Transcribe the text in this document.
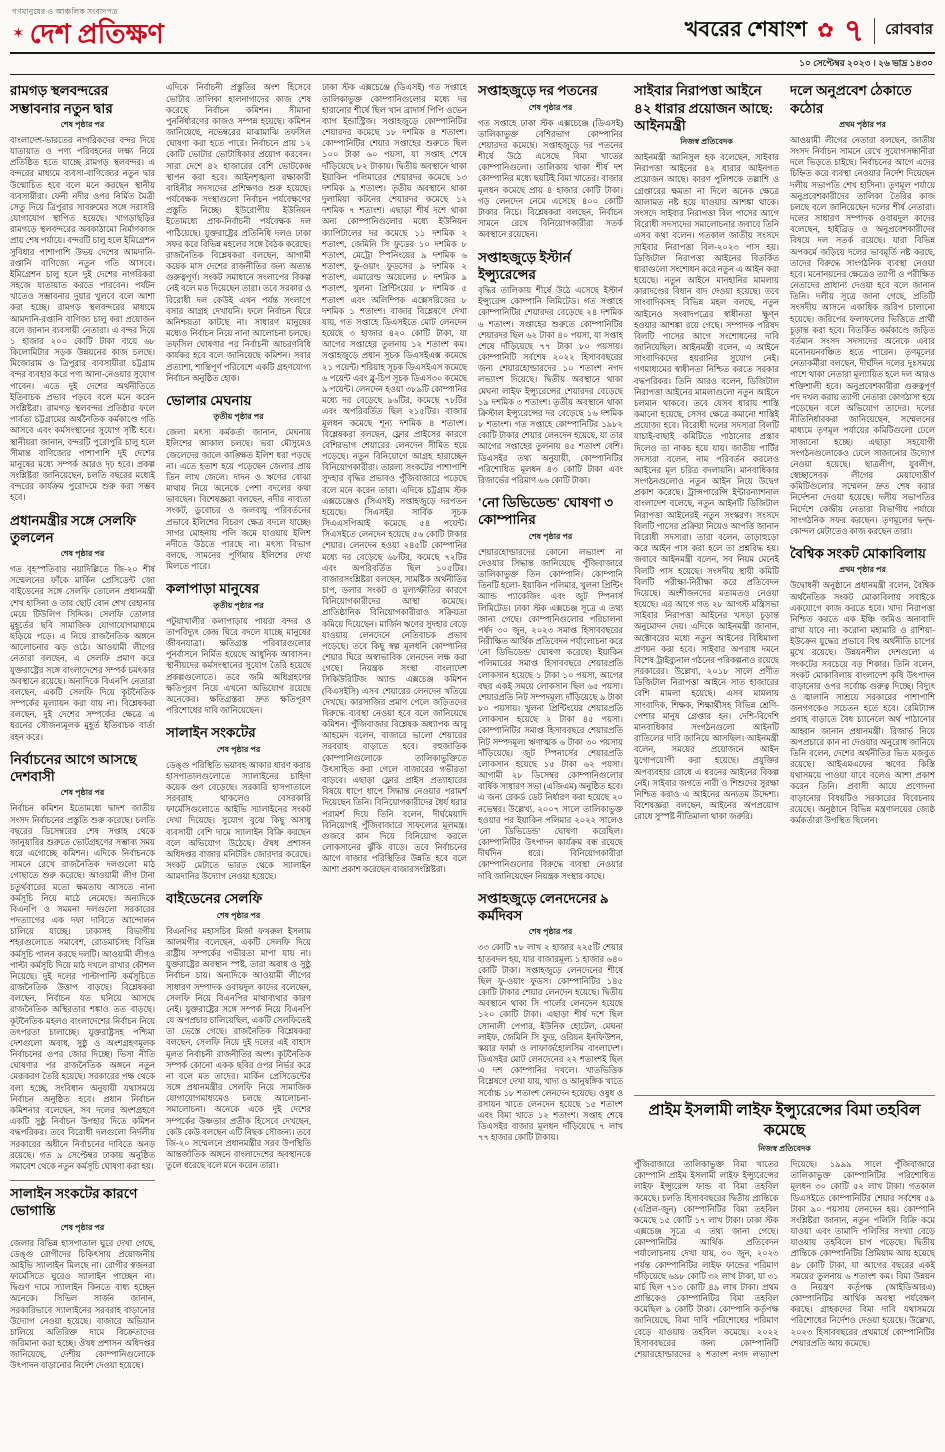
গণমানুষের ও আঞ্চলিক সংবাদপত্র
✶ দেশ প্রতিক্ষণ	খবরের শেষাংশ ✿ ৭ রোববার
১০ সেপ্টেম্বর ২০২৩ । ২৬ ভাদ্র ১৪৩০
রামগড় স্থলবন্দরের সম্ভাবনার নতুন দ্বার
শেষ পৃষ্ঠার পর

বাংলাদেশ-ভারতের নাগরিকদের বন্দর দিয়ে যাতায়াত ও পণ্য পরিবহনের লক্ষ্য নিয়ে প্রতিষ্ঠিত হতে যাচ্ছে রামগড় স্থলবন্দর। এ বন্দরের মাধ্যমে ব্যবসা-বাণিজ্যের নতুন দ্বার উন্মোচিত হবে বলে মনে করছেন স্থানীয় ব্যবসায়ীরা। ফেনী নদীর ওপর নির্মিত মৈত্রী সেতু দিয়ে ত্রিপুরার সাবরুমের সঙ্গে সরাসরি যোগাযোগ স্থাপিত হয়েছে। খাগড়াছড়ির রামগড়ে স্থলবন্দরের অবকাঠামো নির্মাণকাজ প্রায় শেষ পর্যায়ে। বন্দরটি চালু হলে ইমিগ্রেশন সুবিধার পাশাপাশি উভয় দেশের আমদানি-রপ্তানি বাণিজ্যে নতুন গতি আসবে। ইমিগ্রেশন চালু হলে দুই দেশের নাগরিকরা সহজে যাতায়াত করতে পারবেন। পর্যটন খাতেও সম্ভাবনার দুয়ার খুলবে বলে আশা করা হচ্ছে। রামগড় স্থলবন্দরের মাধ্যমে আমদানি-রপ্তানি বাণিজ্য চালু করা প্রয়োজন বলে জানান ব্যবসায়ী নেতারা। এ বন্দর দিয়ে ১ হাজার ২০০ কোটি টাকা ব্যয়ে ৬৮ কিলোমিটার সড়ক উন্নয়নের কাজ চলছে। মিজোরাম ও ত্রিপুরার ব্যবসায়ীরা চট্টগ্রাম বন্দর ব্যবহার করে পণ্য আনা-নেওয়ার সুযোগ পাবেন। এতে দুই দেশের অর্থনীতিতে ইতিবাচক প্রভাব পড়বে বলে মনে করেন সংশ্লিষ্টরা। রামগড় স্থলবন্দর প্রতিষ্ঠার ফলে পার্বত্য চট্টগ্রামের অর্থনৈতিক কর্মকাণ্ডে গতি আসবে এবং কর্মসংস্থানের সুযোগ সৃষ্টি হবে। স্থানীয়রা জানান, বন্দরটি পুরোপুরি চালু হলে সীমান্ত বাণিজ্যের পাশাপাশি দুই দেশের মানুষের মধ্যে সম্পর্ক আরও দৃঢ় হবে। প্রকল্প সংশ্লিষ্টরা জানিয়েছেন, চলতি বছরের মধ্যেই বন্দরের কার্যক্রম পুরোদমে শুরু করা সম্ভব হবে।

প্রধানমন্ত্রীর সঙ্গে সেলফি তুললেন
শেষ পৃষ্ঠার পর

গত বৃহস্পতিবার নয়াদিল্লিতে জি-২০ শীর্ষ সম্মেলনের ফাঁকে মার্কিন প্রেসিডেন্ট জো বাইডেনের সঙ্গে সেলফি তোলেন প্রধানমন্ত্রী শেখ হাসিনা ও তার ছোট বোন শেখ রেহানার মেয়ে টিউলিপ সিদ্দিক। সেলফি তোলার মুহূর্তের ছবি সামাজিক যোগাযোগমাধ্যমে ছড়িয়ে পড়ে। এ নিয়ে রাজনৈতিক অঙ্গনে আলোচনার ঝড় ওঠে। আওয়ামী লীগের নেতারা বলছেন, এ সেলফি প্রমাণ করে যুক্তরাষ্ট্রের সঙ্গে বাংলাদেশের সম্পর্ক চমৎকার অবস্থানে রয়েছে। অন্যদিকে বিএনপি নেতারা বলছেন, একটি সেলফি দিয়ে কূটনৈতিক সম্পর্কের মূল্যায়ন করা যায় না। বিশ্লেষকরা বলছেন, দুই দেশের সম্পর্কের ক্ষেত্রে এ ধরনের সৌজন্যমূলক মুহূর্ত ইতিবাচক বার্তা বহন করে।

নির্বাচনের আগে আসছে দেশবাসী
শেষ পৃষ্ঠার পর

নির্বাচন কমিশন ইতোমধ্যে দ্বাদশ জাতীয় সংসদ নির্বাচনের প্রস্তুতি শুরু করেছে। চলতি বছরের ডিসেম্বরের শেষ সপ্তাহ থেকে জানুয়ারির শুরুতে ভোটগ্রহণের সম্ভাব্য সময় ধরে এগোচ্ছে কমিশন। এদিকে নির্বাচনকে সামনে রেখে রাজনৈতিক দলগুলো মাঠ গোছাতে শুরু করেছে। আওয়ামী লীগ টানা চতুর্থবারের মতো ক্ষমতায় আসতে নানা কর্মসূচি নিয়ে মাঠে নেমেছে। অন্যদিকে বিএনপি ও সমমনা দলগুলো সরকারের পদত্যাগের এক দফা দাবিতে আন্দোলন চালিয়ে যাচ্ছে। ঢাকাসহ বিভাগীয় শহরগুলোতে সমাবেশ, রোডমার্চসহ বিভিন্ন কর্মসূচি পালন করছে দলটি। আওয়ামী লীগও পাল্টা কর্মসূচি দিয়ে মাঠ দখলে রাখার কৌশল নিয়েছে। দুই দলের পাল্টাপাল্টি কর্মসূচিতে রাজনৈতিক উত্তাপ বাড়ছে। বিশ্লেষকরা বলছেন, নির্বাচন যত ঘনিয়ে আসছে রাজনৈতিক অস্থিরতার শঙ্কাও তত বাড়ছে। কূটনৈতিক মহলও বাংলাদেশের নির্বাচন নিয়ে তৎপরতা চালাচ্ছে। যুক্তরাষ্ট্রসহ পশ্চিমা দেশগুলো অবাধ, সুষ্ঠু ও অংশগ্রহণমূলক নির্বাচনের ওপর জোর দিচ্ছে। ভিসা নীতি ঘোষণার পর রাজনৈতিক অঙ্গনে নতুন মেরূকরণ তৈরি হয়েছে। সরকারের পক্ষ থেকে বলা হচ্ছে, সংবিধান অনুযায়ী যথাসময়ে নির্বাচন অনুষ্ঠিত হবে। প্রধান নির্বাচন কমিশনার বলেছেন, সব দলের অংশগ্রহণে একটি সুষ্ঠু নির্বাচন উপহার দিতে কমিশন বদ্ধপরিকর। তবে বিরোধী দলগুলো নির্দলীয় সরকারের অধীনে নির্বাচনের দাবিতে অনড় রয়েছে। গত ৯ সেপ্টেম্বর ঢাকায় অনুষ্ঠিত সমাবেশ থেকে নতুন কর্মসূচি ঘোষণা করা হয়।

সালাইন সংকটের কারণে ভোগান্তি
শেষ পৃষ্ঠার পর

জেলার বিভিন্ন হাসপাতাল ঘুরে দেখা গেছে, ডেঙ্গু রোগীদের চিকিৎসায় প্রয়োজনীয় আইভি স্যালাইন মিলছে না। রোগীর স্বজনরা ফার্মেসিতে ঘুরেও স্যালাইন পাচ্ছেন না। দ্বিগুণ দামে স্যালাইন কিনতে বাধ্য হচ্ছেন অনেকে। সিভিল সার্জন জানান, সরকারিভাবে স্যালাইনের সরবরাহ বাড়ানোর উদ্যোগ নেওয়া হয়েছে। বাজারে অভিযান চালিয়ে অতিরিক্ত দামে বিক্রেতাদের জরিমানা করা হচ্ছে। ঔষধ প্রশাসন অধিদপ্তর জানিয়েছে, দেশীয় কোম্পানিগুলোকে উৎপাদন বাড়ানোর নির্দেশ দেওয়া হয়েছে।

এদিকে নির্বাচনী প্রস্তুতির অংশ হিসেবে ভোটার তালিকা হালনাগাদের কাজ শেষ করেছে নির্বাচন কমিশন। সীমানা পুনর্নির্ধারণের কাজও সম্পন্ন হয়েছে। কমিশন জানিয়েছে, নভেম্বরের মাঝামাঝি তফসিল ঘোষণা করা হতে পারে। নির্বাচনে প্রায় ১২ কোটি ভোটার ভোটাধিকার প্রয়োগ করবেন। সারা দেশে ৪২ হাজারের বেশি ভোটকেন্দ্র স্থাপন করা হবে। আইনশৃঙ্খলা রক্ষাকারী বাহিনীর সদস্যদের প্রশিক্ষণও শুরু হয়েছে। পর্যবেক্ষক সংস্থাগুলো নির্বাচন পর্যবেক্ষণের প্রস্তুতি নিচ্ছে। ইউরোপীয় ইউনিয়ন ইতোমধ্যে প্রাক-নির্বাচনী পর্যবেক্ষক দল পাঠিয়েছে। যুক্তরাষ্ট্রের প্রতিনিধি দলও ঢাকা সফর করে বিভিন্ন মহলের সঙ্গে বৈঠক করেছে। রাজনৈতিক বিশ্লেষকরা বলছেন, আগামী কয়েক মাস দেশের রাজনীতির জন্য অত্যন্ত গুরুত্বপূর্ণ। সংকট সমাধানে সংলাপের বিকল্প নেই বলে মত দিয়েছেন তারা। তবে সরকার ও বিরোধী দল কেউই এখন পর্যন্ত সংলাপে বসার আগ্রহ দেখায়নি। ফলে নির্বাচন ঘিরে অনিশ্চয়তা কাটছে না। সাধারণ মানুষের মধ্যেও নির্বাচন নিয়ে নানা আলোচনা চলছে। তফসিল ঘোষণার পর নির্বাচনী আচরণবিধি কার্যকর হবে বলে জানিয়েছে কমিশন। সবার প্রত্যাশা, শান্তিপূর্ণ পরিবেশে একটি গ্রহণযোগ্য নির্বাচন অনুষ্ঠিত হোক।

ভোলার মেঘনায়
তৃতীয় পৃষ্ঠার পর

জেলা মৎস্য কর্মকর্তা জানান, মেঘনায় ইলিশের আকাল চলছে। ভরা মৌসুমেও জেলেদের জালে কাঙ্ক্ষিত ইলিশ ধরা পড়ছে না। এতে হতাশ হয়ে পড়েছেন জেলার প্রায় তিন লাখ জেলে। দাদন ও ঋণের বোঝা মাথায় নিয়ে অনেকে পেশা বদলের কথা ভাবছেন। বিশেষজ্ঞরা বলছেন, নদীর নাব্যতা সংকট, ডুবোচর ও জলবায়ু পরিবর্তনের প্রভাবে ইলিশের বিচরণ ক্ষেত্র বদলে যাচ্ছে। সাগর মোহনায় পলি জমে যাওয়ায় ইলিশ নদীতে উঠতে পারছে না। মৎস্য বিভাগ বলছে, সামনের পূর্ণিমায় ইলিশের দেখা মিলতে পারে।

কলাপাড়া মানুষের
তৃতীয় পৃষ্ঠার পর

পটুয়াখালীর কলাপাড়ায় পায়রা বন্দর ও তাপবিদ্যুৎ কেন্দ্র ঘিরে বদলে যাচ্ছে মানুষের জীবনযাত্রা। ক্ষতিগ্রস্ত পরিবারগুলোর পুনর্বাসনে নির্মিত হয়েছে আধুনিক আবাসন। স্থানীয়দের কর্মসংস্থানের সুযোগ তৈরি হয়েছে প্রকল্পগুলোতে। তবে জমি অধিগ্রহণের ক্ষতিপূরণ নিয়ে এখনো অভিযোগ রয়েছে অনেকের। ক্ষতিগ্রস্তরা দ্রুত ক্ষতিপূরণ পরিশোধের দাবি জানিয়েছেন।

সালাইন সংকটের
শেষ পৃষ্ঠার পর

ডেঙ্গু পরিস্থিতি ভয়াবহ আকার ধারণ করায় হাসপাতালগুলোতে স্যালাইনের চাহিদা কয়েক গুণ বেড়েছে। সরকারি হাসপাতালে সরবরাহ থাকলেও বেসরকারি ফার্মেসিগুলোতে আইভি স্যালাইনের সংকট দেখা দিয়েছে। সুযোগ বুঝে কিছু অসাধু ব্যবসায়ী বেশি দামে স্যালাইন বিক্রি করছেন বলে অভিযোগ উঠেছে। ঔষধ প্রশাসন অধিদপ্তর বাজার মনিটরিং জোরদার করেছে। সংকট মেটাতে ভারত থেকে স্যালাইন আমদানির উদ্যোগ নেওয়া হয়েছে।

বাইডেনের সেলফি
শেষ পৃষ্ঠার পর

বিএনপির মহাসচিব মির্জা ফখরুল ইসলাম আলমগীর বলেছেন, একটি সেলফি দিয়ে রাষ্ট্রীয় সম্পর্কের গভীরতা মাপা যায় না। যুক্তরাষ্ট্রের অবস্থান স্পষ্ট, তারা অবাধ ও সুষ্ঠু নির্বাচন চায়। অন্যদিকে আওয়ামী লীগের সাধারণ সম্পাদক ওবায়দুল কাদের বলেছেন, সেলফি নিয়ে বিএনপির মাথাব্যথার কারণ নেই। যুক্তরাষ্ট্রের সঙ্গে সম্পর্ক নিয়ে বিএনপি যে অপপ্রচার চালিয়েছিল, একটি সেলফিতেই তা ভেস্তে গেছে। রাজনৈতিক বিশ্লেষকরা বলছেন, সেলফি নিয়ে দুই দলের এই বাহাস মূলত নির্বাচনী রাজনীতির অংশ। কূটনৈতিক সম্পর্ক কোনো একক ছবির ওপর নির্ভর করে না বলে মত তাদের। মার্কিন প্রেসিডেন্টের সঙ্গে প্রধানমন্ত্রীর সেলফি নিয়ে সামাজিক যোগাযোগমাধ্যমেও চলছে আলোচনা-সমালোচনা। অনেকে একে দুই দেশের সম্পর্কের উষ্ণতার প্রতীক হিসেবে দেখছেন, কেউ কেউ বলছেন এটি নিছক সৌজন্য। তবে জি-২০ সম্মেলনে প্রধানমন্ত্রীর সরব উপস্থিতি আন্তর্জাতিক অঙ্গনে বাংলাদেশের অবস্থানকে তুলে ধরেছে বলে মনে করেন তারা।

ঢাকা স্টক এক্সচেঞ্জে (ডিএসই) গত সপ্তাহে তালিকাভুক্ত কোম্পানিগুলোর মধ্যে দর হারানোর শীর্ষে ছিল খান ব্রাদার্স পিপি ওভেন ব্যাগ ইন্ডাস্ট্রিজ। সপ্তাহজুড়ে কোম্পানিটির শেয়ারদর কমেছে ১৮ দশমিক ৪ শতাংশ। কোম্পানিটির শেয়ার সপ্তাহের শুরুতে ছিল ১০০ টাকা ৬০ পয়সা, যা সপ্তাহ শেষে দাঁড়িয়েছে ৮২ টাকায়। দ্বিতীয় অবস্থানে থাকা ইয়াকিন পলিমারের শেয়ারদর কমেছে ১৩ দশমিক ৯ শতাংশ। তৃতীয় অবস্থানে থাকা দুলামিয়া কটনের শেয়ারদর কমেছে ১২ দশমিক ৭ শতাংশ। এছাড়া শীর্ষ দশে থাকা অন্য কোম্পানিগুলোর মধ্যে ইউনিয়ন ক্যাপিটালের দর কমেছে ১১ দশমিক ২ শতাংশ, জেমিনি সি ফুডের ১০ দশমিক ৮ শতাংশ, মেট্রো স্পিনিংয়ের ৯ দশমিক ৬ শতাংশ, ফু-ওয়াং ফুডসের ৯ দশমিক ২ শতাংশ, এমারেল্ড অয়েলের ৮ দশমিক ৯ শতাংশ, খুলনা প্রিন্টিংয়ের ৮ দশমিক ৫ শতাংশ এবং অলিম্পিক এক্সেসরিজের ৮ দশমিক ১ শতাংশ। বাজার বিশ্লেষণে দেখা যায়, গত সপ্তাহে ডিএসইতে মোট লেনদেন হয়েছে ৩ হাজার ৪২০ কোটি টাকা, যা আগের সপ্তাহের তুলনায় ১২ শতাংশ কম। সপ্তাহজুড়ে প্রধান সূচক ডিএসইএক্স কমেছে ২১ পয়েন্ট। শরিয়াহ সূচক ডিএসইএস কমেছে ৬ পয়েন্ট এবং ব্লু-চিপ সূচক ডিএস৩০ কমেছে ৯ পয়েন্ট। লেনদেন হওয়া ৩৮৯টি কোম্পানির মধ্যে দর বেড়েছে ৯৬টির, কমেছে ৭৮টির এবং অপরিবর্তিত ছিল ২১৫টির। বাজার মূলধন কমেছে শূন্য দশমিক ৪ শতাংশ। বিশ্লেষকরা বলছেন, ফ্লোর প্রাইসের কারণে বেশিরভাগ শেয়ারের লেনদেন সীমিত হয়ে পড়েছে। নতুন বিনিয়োগে আগ্রহ হারাচ্ছেন বিনিয়োগকারীরা। তারল্য সংকটের পাশাপাশি সুদহার বৃদ্ধির প্রভাবও পুঁজিবাজারে পড়েছে বলে মনে করেন তারা। এদিকে চট্টগ্রাম স্টক এক্সচেঞ্জেও (সিএসই) সপ্তাহজুড়ে দরপতন হয়েছে। সিএসইর সার্বিক সূচক সিএএসপিআই কমেছে ৫৪ পয়েন্ট। সিএসইতে লেনদেন হয়েছে ৫৬ কোটি টাকার শেয়ার। লেনদেন হওয়া ২৪৫টি কোম্পানির মধ্যে দর বেড়েছে ৬৮টির, কমেছে ৭২টির এবং অপরিবর্তিত ছিল ১০৫টির। বাজারসংশ্লিষ্টরা বলছেন, সামষ্টিক অর্থনীতির চাপ, ডলার সংকট ও মূল্যস্ফীতির কারণে বিনিয়োগকারীদের আস্থা কমেছে। প্রাতিষ্ঠানিক বিনিয়োগকারীরাও সক্রিয়তা কমিয়ে দিয়েছেন। মার্জিন ঋণের সুদহার বেড়ে যাওয়ায় লেনদেনে নেতিবাচক প্রভাব পড়েছে। তবে কিছু স্বল্প মূলধনি কোম্পানির শেয়ার ঘিরে অস্বাভাবিক লেনদেন লক্ষ করা গেছে। নিয়ন্ত্রক সংস্থা বাংলাদেশ সিকিউরিটিজ অ্যান্ড এক্সচেঞ্জ কমিশন (বিএসইসি) এসব শেয়ারের লেনদেন খতিয়ে দেখছে। কারসাজির প্রমাণ পেলে জড়িতদের বিরুদ্ধে ব্যবস্থা নেওয়া হবে বলে জানিয়েছে কমিশন। পুঁজিবাজার বিশ্লেষক অধ্যাপক আবু আহমেদ বলেন, বাজারে ভালো শেয়ারের সরবরাহ বাড়াতে হবে। বহুজাতিক কোম্পানিগুলোকে তালিকাভুক্তিতে উৎসাহিত করা গেলে বাজারের গভীরতা বাড়বে। এছাড়া ফ্লোর প্রাইস প্রত্যাহারের বিষয়ে ধাপে ধাপে সিদ্ধান্ত নেওয়ার পরামর্শ দিয়েছেন তিনি। বিনিয়োগকারীদের ধৈর্য ধরার পরামর্শ দিয়ে তিনি বলেন, দীর্ঘমেয়াদি বিনিয়োগই পুঁজিবাজারে সাফল্যের মূলমন্ত্র। গুজবে কান দিয়ে বিনিয়োগ করলে লোকসানের ঝুঁকি বাড়ে। তবে নির্বাচনের আগে বাজার পরিস্থিতির উন্নতি হবে বলে আশা প্রকাশ করেছেন বাজারসংশ্লিষ্টরা।

সপ্তাহজুড়ে দর পতনের
শেষ পৃষ্ঠার পর

গত সপ্তাহে ঢাকা স্টক এক্সচেঞ্জে (ডিএসই) তালিকাভুক্ত বেশিরভাগ কোম্পানির শেয়ারদর কমেছে। সপ্তাহজুড়ে দর পতনের শীর্ষে উঠে এসেছে বিমা খাতের কোম্পানিগুলো। তালিকায় থাকা শীর্ষ দশ কোম্পানির মধ্যে ছয়টিই বিমা খাতের। বাজার মূলধন কমেছে প্রায় ৪ হাজার কোটি টাকা। গড় লেনদেন নেমে এসেছে ৪০০ কোটি টাকার নিচে। বিশ্লেষকরা বলছেন, নির্বাচন সামনে রেখে বিনিয়োগকারীরা সতর্ক অবস্থানে রয়েছেন।

সপ্তাহজুড়ে ইস্টার্ন ইন্স্যুরেন্সের

বৃদ্ধির তালিকায় শীর্ষে উঠে এসেছে ইস্টার্ন ইন্স্যুরেন্স কোম্পানি লিমিটেড। গত সপ্তাহে কোম্পানিটির শেয়ারদর বেড়েছে ২৪ দশমিক ৬ শতাংশ। সপ্তাহের শুরুতে কোম্পানিটির শেয়ারদর ছিল ৬২ টাকা ৪০ পয়সা, যা সপ্তাহ শেষে দাঁড়িয়েছে ৭৭ টাকা ৮০ পয়সায়। কোম্পানিটি সর্বশেষ ২০২২ হিসাববছরের জন্য শেয়ারহোল্ডারদের ১০ শতাংশ নগদ লভ্যাংশ দিয়েছে। দ্বিতীয় অবস্থানে থাকা মেঘনা লাইফ ইন্স্যুরেন্সের শেয়ারদর বেড়েছে ১৯ দশমিক ৩ শতাংশ। তৃতীয় অবস্থানে থাকা ক্রিস্টাল ইন্স্যুরেন্সের দর বেড়েছে ১৬ দশমিক ৮ শতাংশ। গত সপ্তাহে কোম্পানিটির ১৯৮২ কোটি টাকার শেয়ার লেনদেন হয়েছে, যা তার আগের সপ্তাহের তুলনায় ৪৫ শতাংশ বেশি। ডিএসইর তথ্য অনুযায়ী, কোম্পানিটির পরিশোধিত মূলধন ৪৩ কোটি টাকা এবং রিজার্ভের পরিমাণ ৬৬ কোটি টাকা।

'নো ডিভিডেন্ড' ঘোষণা ৩ কোম্পানির
শেষ পৃষ্ঠার পর

শেয়ারহোল্ডারদের কোনো লভ্যাংশ না দেওয়ার সিদ্ধান্ত জানিয়েছে পুঁজিবাজারে তালিকাভুক্ত তিন কোম্পানি। কোম্পানি তিনটি হলো- ইয়াকিন পলিমার, খুলনা প্রিন্টিং অ্যান্ড প্যাকেজিং এবং জুট স্পিনার্স লিমিটেড। ঢাকা স্টক এক্সচেঞ্জ সূত্রে এ তথ্য জানা গেছে। কোম্পানিগুলোর পরিচালনা পর্ষদ ৩০ জুন, ২০২৩ সমাপ্ত হিসাববছরের নিরীক্ষিত আর্থিক প্রতিবেদন পর্যালোচনা করে 'নো ডিভিডেন্ড' ঘোষণা করেছে। ইয়াকিন পলিমারের সমাপ্ত হিসাববছরে শেয়ারপ্রতি লোকসান হয়েছে ১ টাকা ১০ পয়সা, আগের বছর একই সময়ে লোকসান ছিল ৬৫ পয়সা। শেয়ারপ্রতি নিট সম্পদমূল্য দাঁড়িয়েছে ৯ টাকা ৮০ পয়সায়। খুলনা প্রিন্টিংয়ের শেয়ারপ্রতি লোকসান হয়েছে ২ টাকা ৪৫ পয়সা। কোম্পানিটির সমাপ্ত হিসাববছরে শেয়ারপ্রতি নিট সম্পদমূল্য ঋণাত্মক ৬ টাকা ৩০ পয়সায় দাঁড়িয়েছে। জুট স্পিনার্সের শেয়ারপ্রতি লোকসান হয়েছে ১৫ টাকা ৬২ পয়সা। আগামী ২৮ ডিসেম্বর কোম্পানিগুলোর বার্ষিক সাধারণ সভা (এজিএম) অনুষ্ঠিত হবে। এ জন্য রেকর্ড ডেট নির্ধারণ করা হয়েছে ২০ নভেম্বর। উল্লেখ্য, ২০০৭ সালে তালিকাভুক্ত হওয়ার পর ইয়াকিন পলিমার ২০২২ সালেও 'নো ডিভিডেন্ড' ঘোষণা করেছিল। কোম্পানিটির উৎপাদন কার্যক্রম বন্ধ রয়েছে দীর্ঘদিন ধরে। বিনিয়োগকারীরা কোম্পানিগুলোর বিরুদ্ধে ব্যবস্থা নেওয়ার দাবি জানিয়েছেন নিয়ন্ত্রক সংস্থার কাছে।

সপ্তাহজুড়ে লেনদেনের ৯ কর্মদিবস
শেষ পৃষ্ঠার পর

৩৩ কোটি ৭৮ লাখ ২ হাজার ২২৫টি শেয়ার হাতবদল হয়, যার বাজারমূল্য ১ হাজার ৬৪০ কোটি টাকা। সপ্তাহজুড়ে লেনদেনের শীর্ষে ছিল ফু-ওয়াং ফুডস। কোম্পানিটির ১৪৫ কোটি টাকার শেয়ার লেনদেন হয়েছে। দ্বিতীয় অবস্থানে থাকা সি পার্লের লেনদেন হয়েছে ১২০ কোটি টাকা। এছাড়া শীর্ষ দশে ছিল সোনালী পেপার, ইউনিক হোটেল, মেঘনা লাইফ, জেমিনি সি ফুড, ওরিয়ন ইনফিউশন, স্কয়ার ফার্মা ও লাফার্জহোলসিম বাংলাদেশ। ডিএসইর মোট লেনদেনের ২২ শতাংশই ছিল এ দশ কোম্পানির দখলে। খাতভিত্তিক বিশ্লেষণে দেখা যায়, খাদ্য ও আনুষঙ্গিক খাতে সর্বোচ্চ ১৮ শতাংশ লেনদেন হয়েছে। ওষুধ ও রসায়ন খাতে লেনদেন হয়েছে ১৫ শতাংশ এবং বিমা খাতে ১২ শতাংশ। সপ্তাহ শেষে ডিএসইর বাজার মূলধন দাঁড়িয়েছে ৭ লাখ ৭৭ হাজার কোটি টাকায়।

সাইবার নিরাপত্তা আইনে ৪২ ধারার প্রয়োজন আছে: আইনমন্ত্রী
নিজস্ব প্রতিবেদক

আইনমন্ত্রী আনিসুল হক বলেছেন, সাইবার নিরাপত্তা আইনের ৪২ ধারার আইনগত প্রয়োজন আছে। কারণ পুলিশকে তল্লাশি ও গ্রেপ্তারের ক্ষমতা না দিলে অনেক ক্ষেত্রে আলামত নষ্ট হয়ে যাওয়ার আশঙ্কা থাকে। সংসদে সাইবার নিরাপত্তা বিল পাসের আগে বিরোধী সদস্যদের সমালোচনার জবাবে তিনি এসব কথা বলেন। গতকাল জাতীয় সংসদে সাইবার নিরাপত্তা বিল-২০২৩ পাস হয়। ডিজিটাল নিরাপত্তা আইনের বিতর্কিত ধারাগুলো সংশোধন করে নতুন এ আইন করা হয়েছে। নতুন আইনে মানহানির মামলায় কারাদণ্ডের বিধান বাদ দেওয়া হয়েছে। তবে সাংবাদিকসহ বিভিন্ন মহল বলছে, নতুন আইনেও সংবাদপত্রের স্বাধীনতা ক্ষুণ্ন হওয়ার আশঙ্কা রয়ে গেছে। সম্পাদক পরিষদ বিলটি পাসের আগে সংশোধনের দাবি জানিয়েছিল। আইনমন্ত্রী বলেন, এ আইনে সাংবাদিকদের হয়রানির সুযোগ নেই। গণমাধ্যমের স্বাধীনতা নিশ্চিত করতে সরকার বদ্ধপরিকর। তিনি আরও বলেন, ডিজিটাল নিরাপত্তা আইনের মামলাগুলো নতুন আইনে চলমান থাকবে। তবে যেসব ধারায় শাস্তি কমানো হয়েছে, সেসব ক্ষেত্রে কমানো শাস্তিই প্রযোজ্য হবে। বিরোধী দলের সদস্যরা বিলটি যাচাই-বাছাই কমিটিতে পাঠানোর প্রস্তাব দিলেও তা নাকচ হয়ে যায়। জাতীয় পার্টির সদস্যরা বলেন, নাম পরিবর্তন করলেও আইনের মূল চরিত্র বদলায়নি। মানবাধিকার সংগঠনগুলোও নতুন আইন নিয়ে উদ্বেগ প্রকাশ করেছে। ট্রান্সপারেন্সি ইন্টারন্যাশনাল বাংলাদেশ বলেছে, নতুন আইনটি ডিজিটাল নিরাপত্তা আইনেরই নতুন সংস্করণ। সংসদে বিলটি পাসের প্রক্রিয়া নিয়েও আপত্তি জানান বিরোধী সদস্যরা। তারা বলেন, তাড়াহুড়ো করে আইন পাস করা হলে তা প্রশ্নবিদ্ধ হয়। জবাবে আইনমন্ত্রী বলেন, সব নিয়ম মেনেই বিলটি পাস হয়েছে। সংসদীয় স্থায়ী কমিটি বিলটি পরীক্ষা-নিরীক্ষা করে প্রতিবেদন দিয়েছে। অংশীজনদের মতামতও নেওয়া হয়েছে। এর আগে গত ২৮ আগস্ট মন্ত্রিসভা সাইবার নিরাপত্তা আইনের খসড়া চূড়ান্ত অনুমোদন দেয়। এদিকে আইনমন্ত্রী জানান, অক্টোবরের মধ্যে নতুন আইনের বিধিমালা প্রণয়ন করা হবে। সাইবার অপরাধ দমনে বিশেষ ট্রাইব্যুনাল গঠনের পরিকল্পনাও রয়েছে সরকারের। উল্লেখ্য, ২০১৮ সালে প্রণীত ডিজিটাল নিরাপত্তা আইনে সাত হাজারের বেশি মামলা হয়েছে। এসব মামলায় সাংবাদিক, শিক্ষক, শিক্ষার্থীসহ বিভিন্ন শ্রেণি-পেশার মানুষ গ্রেপ্তার হন। দেশি-বিদেশি মানবাধিকার সংগঠনগুলো আইনটি বাতিলের দাবি জানিয়ে আসছিল। আইনমন্ত্রী বলেন, সময়ের প্রয়োজনে আইন যুগোপযোগী করা হয়েছে। প্রযুক্তির অপব্যবহার রোধে এ ধরনের আইনের বিকল্প নেই। সাইবার জগতে নারী ও শিশুদের সুরক্ষা নিশ্চিত করাও এ আইনের অন্যতম উদ্দেশ্য। বিশেষজ্ঞরা বলছেন, আইনের অপপ্রয়োগ রোধে সুস্পষ্ট নীতিমালা থাকা জরুরি।

দলে অনুপ্রবেশ ঠেকাতে কঠোর
প্রথম পৃষ্ঠার পর

আওয়ামী লীগের নেতারা বলছেন, জাতীয় সংসদ নির্বাচন সামনে রেখে সুযোগসন্ধানীরা দলে ভিড়তে চাইছে। নির্বাচনের আগে এদের চিহ্নিত করে ব্যবস্থা নেওয়ার নির্দেশ দিয়েছেন দলীয় সভাপতি শেখ হাসিনা। তৃণমূল পর্যায়ে অনুপ্রবেশকারীদের তালিকা তৈরির কাজ চলছে বলে জানিয়েছেন দলের শীর্ষ নেতারা। দলের সাধারণ সম্পাদক ওবায়দুল কাদের বলেছেন, হাইব্রিড ও অনুপ্রবেশকারীদের বিষয়ে দল সতর্ক রয়েছে। যারা বিভিন্ন অপকর্মে জড়িয়ে দলের ভাবমূর্তি নষ্ট করছে, তাদের বিরুদ্ধে সাংগঠনিক ব্যবস্থা নেওয়া হবে। মনোনয়নের ক্ষেত্রেও ত্যাগী ও পরীক্ষিত নেতাদের প্রাধান্য দেওয়া হবে বলে জানান তিনি। দলীয় সূত্রে জানা গেছে, প্রতিটি সংসদীয় আসনে একাধিক জরিপ চালানো হয়েছে। জরিপের ফলাফলের ভিত্তিতে প্রার্থী চূড়ান্ত করা হবে। বিতর্কিত কর্মকাণ্ডে জড়িত বর্তমান সংসদ সদস্যদের অনেকে এবার মনোনয়নবঞ্চিত হতে পারেন। তৃণমূলের নেতাকর্মীরা বলছেন, দীর্ঘদিন দলের দুঃসময়ে পাশে থাকা নেতারা মূল্যায়িত হলে দল আরও শক্তিশালী হবে। অনুপ্রবেশকারীরা গুরুত্বপূর্ণ পদ দখল করায় ত্যাগী নেতারা কোণঠাসা হয়ে পড়েছেন বলে অভিযোগ তাদের। দলের নীতিনির্ধারকরা জানিয়েছেন, সম্মেলনের মাধ্যমে তৃণমূল পর্যায়ের কমিটিগুলো ঢেলে সাজানো হচ্ছে। এছাড়া সহযোগী সংগঠনগুলোকেও ঢেলে সাজানোর উদ্যোগ নেওয়া হয়েছে। ছাত্রলীগ, যুবলীগ, স্বেচ্ছাসেবক লীগের মেয়াদোত্তীর্ণ কমিটিগুলোর সম্মেলন দ্রুত শেষ করার নির্দেশনা দেওয়া হয়েছে। দলীয় সভাপতির নির্দেশে কেন্দ্রীয় নেতারা বিভাগীয় পর্যায়ে সাংগঠনিক সফর করছেন। তৃণমূলের দ্বন্দ্ব-কোন্দল মেটাতেও কাজ করছেন তারা।

বৈশ্বিক সংকট মোকাবিলায়
প্রথম পৃষ্ঠার পর

উদ্বোধনী অনুষ্ঠানে প্রধানমন্ত্রী বলেন, বৈশ্বিক অর্থনৈতিক সংকট মোকাবিলায় সবাইকে একযোগে কাজ করতে হবে। খাদ্য নিরাপত্তা নিশ্চিত করতে এক ইঞ্চি জমিও অনাবাদি রাখা যাবে না। করোনা মহামারি ও রাশিয়া-ইউক্রেন যুদ্ধের প্রভাবে বিশ্ব অর্থনীতি চাপের মুখে রয়েছে। উন্নয়নশীল দেশগুলো এ সংকটের সবচেয়ে বড় শিকার। তিনি বলেন, সংকট মোকাবিলায় বাংলাদেশ কৃষি উৎপাদন বাড়ানোর ওপর সর্বোচ্চ গুরুত্ব দিচ্ছে। বিদ্যুৎ ও জ্বালানি সাশ্রয়ে সরকারের পাশাপাশি জনগণকেও সচেতন হতে হবে। রেমিট্যান্স প্রবাহ বাড়াতে বৈধ চ্যানেলে অর্থ পাঠানোর আহ্বান জানান প্রধানমন্ত্রী। রিজার্ভ নিয়ে অপপ্রচারে কান না দেওয়ার অনুরোধ জানিয়ে তিনি বলেন, দেশের অর্থনীতির ভিত মজবুত রয়েছে। আইএমএফের ঋণের কিস্তি যথাসময়ে পাওয়া যাবে বলেও আশা প্রকাশ করেন তিনি। প্রবাসী আয়ে প্রণোদনা বাড়ানোর বিষয়টিও সরকারের বিবেচনায় রয়েছে। অনুষ্ঠানে বিভিন্ন মন্ত্রণালয়ের জ্যেষ্ঠ কর্মকর্তারা উপস্থিত ছিলেন।

প্রাইম ইসলামী লাইফ ইন্স্যুরেন্সের বিমা তহবিল কমেছে
নিজস্ব প্রতিবেদক

পুঁজিবাজারে তালিকাভুক্ত বিমা খাতের কোম্পানি প্রাইম ইসলামী লাইফ ইন্স্যুরেন্সের লাইফ ইন্স্যুরেন্স ফান্ড বা বিমা তহবিল কমেছে। চলতি হিসাববছরের দ্বিতীয় প্রান্তিকে (এপ্রিল-জুন) কোম্পানিটির বিমা তহবিল কমেছে ১৫ কোটি ১৭ লাখ টাকা। ঢাকা স্টক এক্সচেঞ্জ সূত্রে এ তথ্য জানা গেছে। কোম্পানিটির আর্থিক প্রতিবেদন পর্যালোচনায় দেখা যায়, ৩০ জুন, ২০২৩ পর্যন্ত কোম্পানিটির লাইফ ফান্ডের পরিমাণ দাঁড়িয়েছে ৬৯৮ কোটি ৩২ লাখ টাকা, যা ৩১ মার্চ ছিল ৭১৩ কোটি ৪৯ লাখ টাকা। প্রথম প্রান্তিকেও কোম্পানিটির বিমা তহবিল কমেছিল ৯ কোটি টাকা। কোম্পানি কর্তৃপক্ষ জানিয়েছে, বিমা দাবি পরিশোধের পরিমাণ বেড়ে যাওয়ায় তহবিল কমেছে। ২০২২ হিসাববছরের জন্য কোম্পানিটি শেয়ারহোল্ডারদের ২ শতাংশ নগদ লভ্যাংশ দিয়েছে। ১৯৯৯ সালে পুঁজিবাজারে তালিকাভুক্ত কোম্পানিটির পরিশোধিত মূলধন ৩০ কোটি ৫২ লাখ টাকা। গতকাল ডিএসইতে কোম্পানিটির শেয়ার সর্বশেষ ৫৯ টাকা ৯০ পয়সায় লেনদেন হয়। কোম্পানি সংশ্লিষ্টরা জানান, নতুন পলিসি বিক্রি কমে যাওয়া এবং তামাদি পলিসির সংখ্যা বেড়ে যাওয়ায় তহবিলে চাপ পড়েছে। দ্বিতীয় প্রান্তিকে কোম্পানিটির প্রিমিয়াম আয় হয়েছে ৪৮ কোটি টাকা, যা আগের বছরের একই সময়ের তুলনায় ৬ শতাংশ কম। বিমা উন্নয়ন ও নিয়ন্ত্রণ কর্তৃপক্ষ (আইডিআরএ) কোম্পানিটির আর্থিক অবস্থা পর্যবেক্ষণ করছে। গ্রাহকদের বিমা দাবি যথাসময়ে পরিশোধের নির্দেশও দেওয়া হয়েছে। উল্লেখ্য, ২০২৩ হিসাববছরের প্রথমার্ধে কোম্পানিটির শেয়ারপ্রতি আয় কমেছে।
